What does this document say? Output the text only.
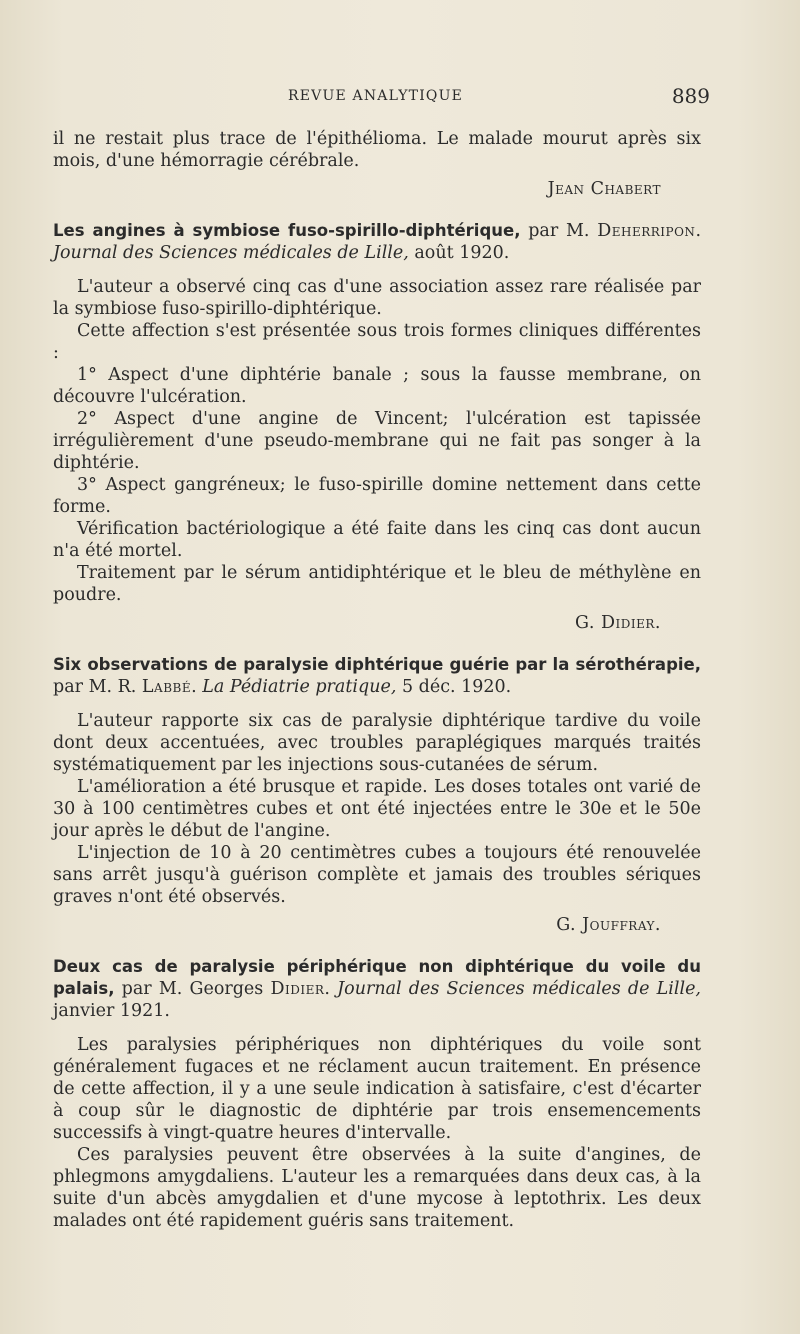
REVUE ANALYTIQUE	889

il ne restait plus trace de l'épithélioma. Le malade mourut après six mois, d'une hémorragie cérébrale.

Jean Chabert

Les angines à symbiose fuso-spirillo-diphtérique, par M. Deherripon. Journal des Sciences médicales de Lille, août 1920.

L'auteur a observé cinq cas d'une association assez rare réalisée par la symbiose fuso-spirillo-diphtérique.

Cette affection s'est présentée sous trois formes cliniques différentes :

1° Aspect d'une diphtérie banale ; sous la fausse membrane, on découvre l'ulcération.

2° Aspect d'une angine de Vincent; l'ulcération est tapissée irrégulièrement d'une pseudo-membrane qui ne fait pas songer à la diphtérie.

3° Aspect gangréneux; le fuso-spirille domine nettement dans cette forme.

Vérification bactériologique a été faite dans les cinq cas dont aucun n'a été mortel.

Traitement par le sérum antidiphtérique et le bleu de méthylène en poudre.

G. Didier.

Six observations de paralysie diphtérique guérie par la sérothérapie, par M. R. Labbé. La Pédiatrie pratique, 5 déc. 1920.

L'auteur rapporte six cas de paralysie diphtérique tardive du voile dont deux accentuées, avec troubles paraplégiques marqués traités systématiquement par les injections sous-cutanées de sérum.

L'amélioration a été brusque et rapide. Les doses totales ont varié de 30 à 100 centimètres cubes et ont été injectées entre le 30e et le 50e jour après le début de l'angine.

L'injection de 10 à 20 centimètres cubes a toujours été renouvelée sans arrêt jusqu'à guérison complète et jamais des troubles sériques graves n'ont été observés.

G. Jouffray.

Deux cas de paralysie périphérique non diphtérique du voile du palais, par M. Georges Didier. Journal des Sciences médicales de Lille, janvier 1921.

Les paralysies périphériques non diphtériques du voile sont généralement fugaces et ne réclament aucun traitement. En présence de cette affection, il y a une seule indication à satisfaire, c'est d'écarter à coup sûr le diagnostic de diphtérie par trois ensemencements successifs à vingt-quatre heures d'intervalle.

Ces paralysies peuvent être observées à la suite d'angines, de phlegmons amygdaliens. L'auteur les a remarquées dans deux cas, à la suite d'un abcès amygdalien et d'une mycose à leptothrix. Les deux malades ont été rapidement guéris sans traitement.
